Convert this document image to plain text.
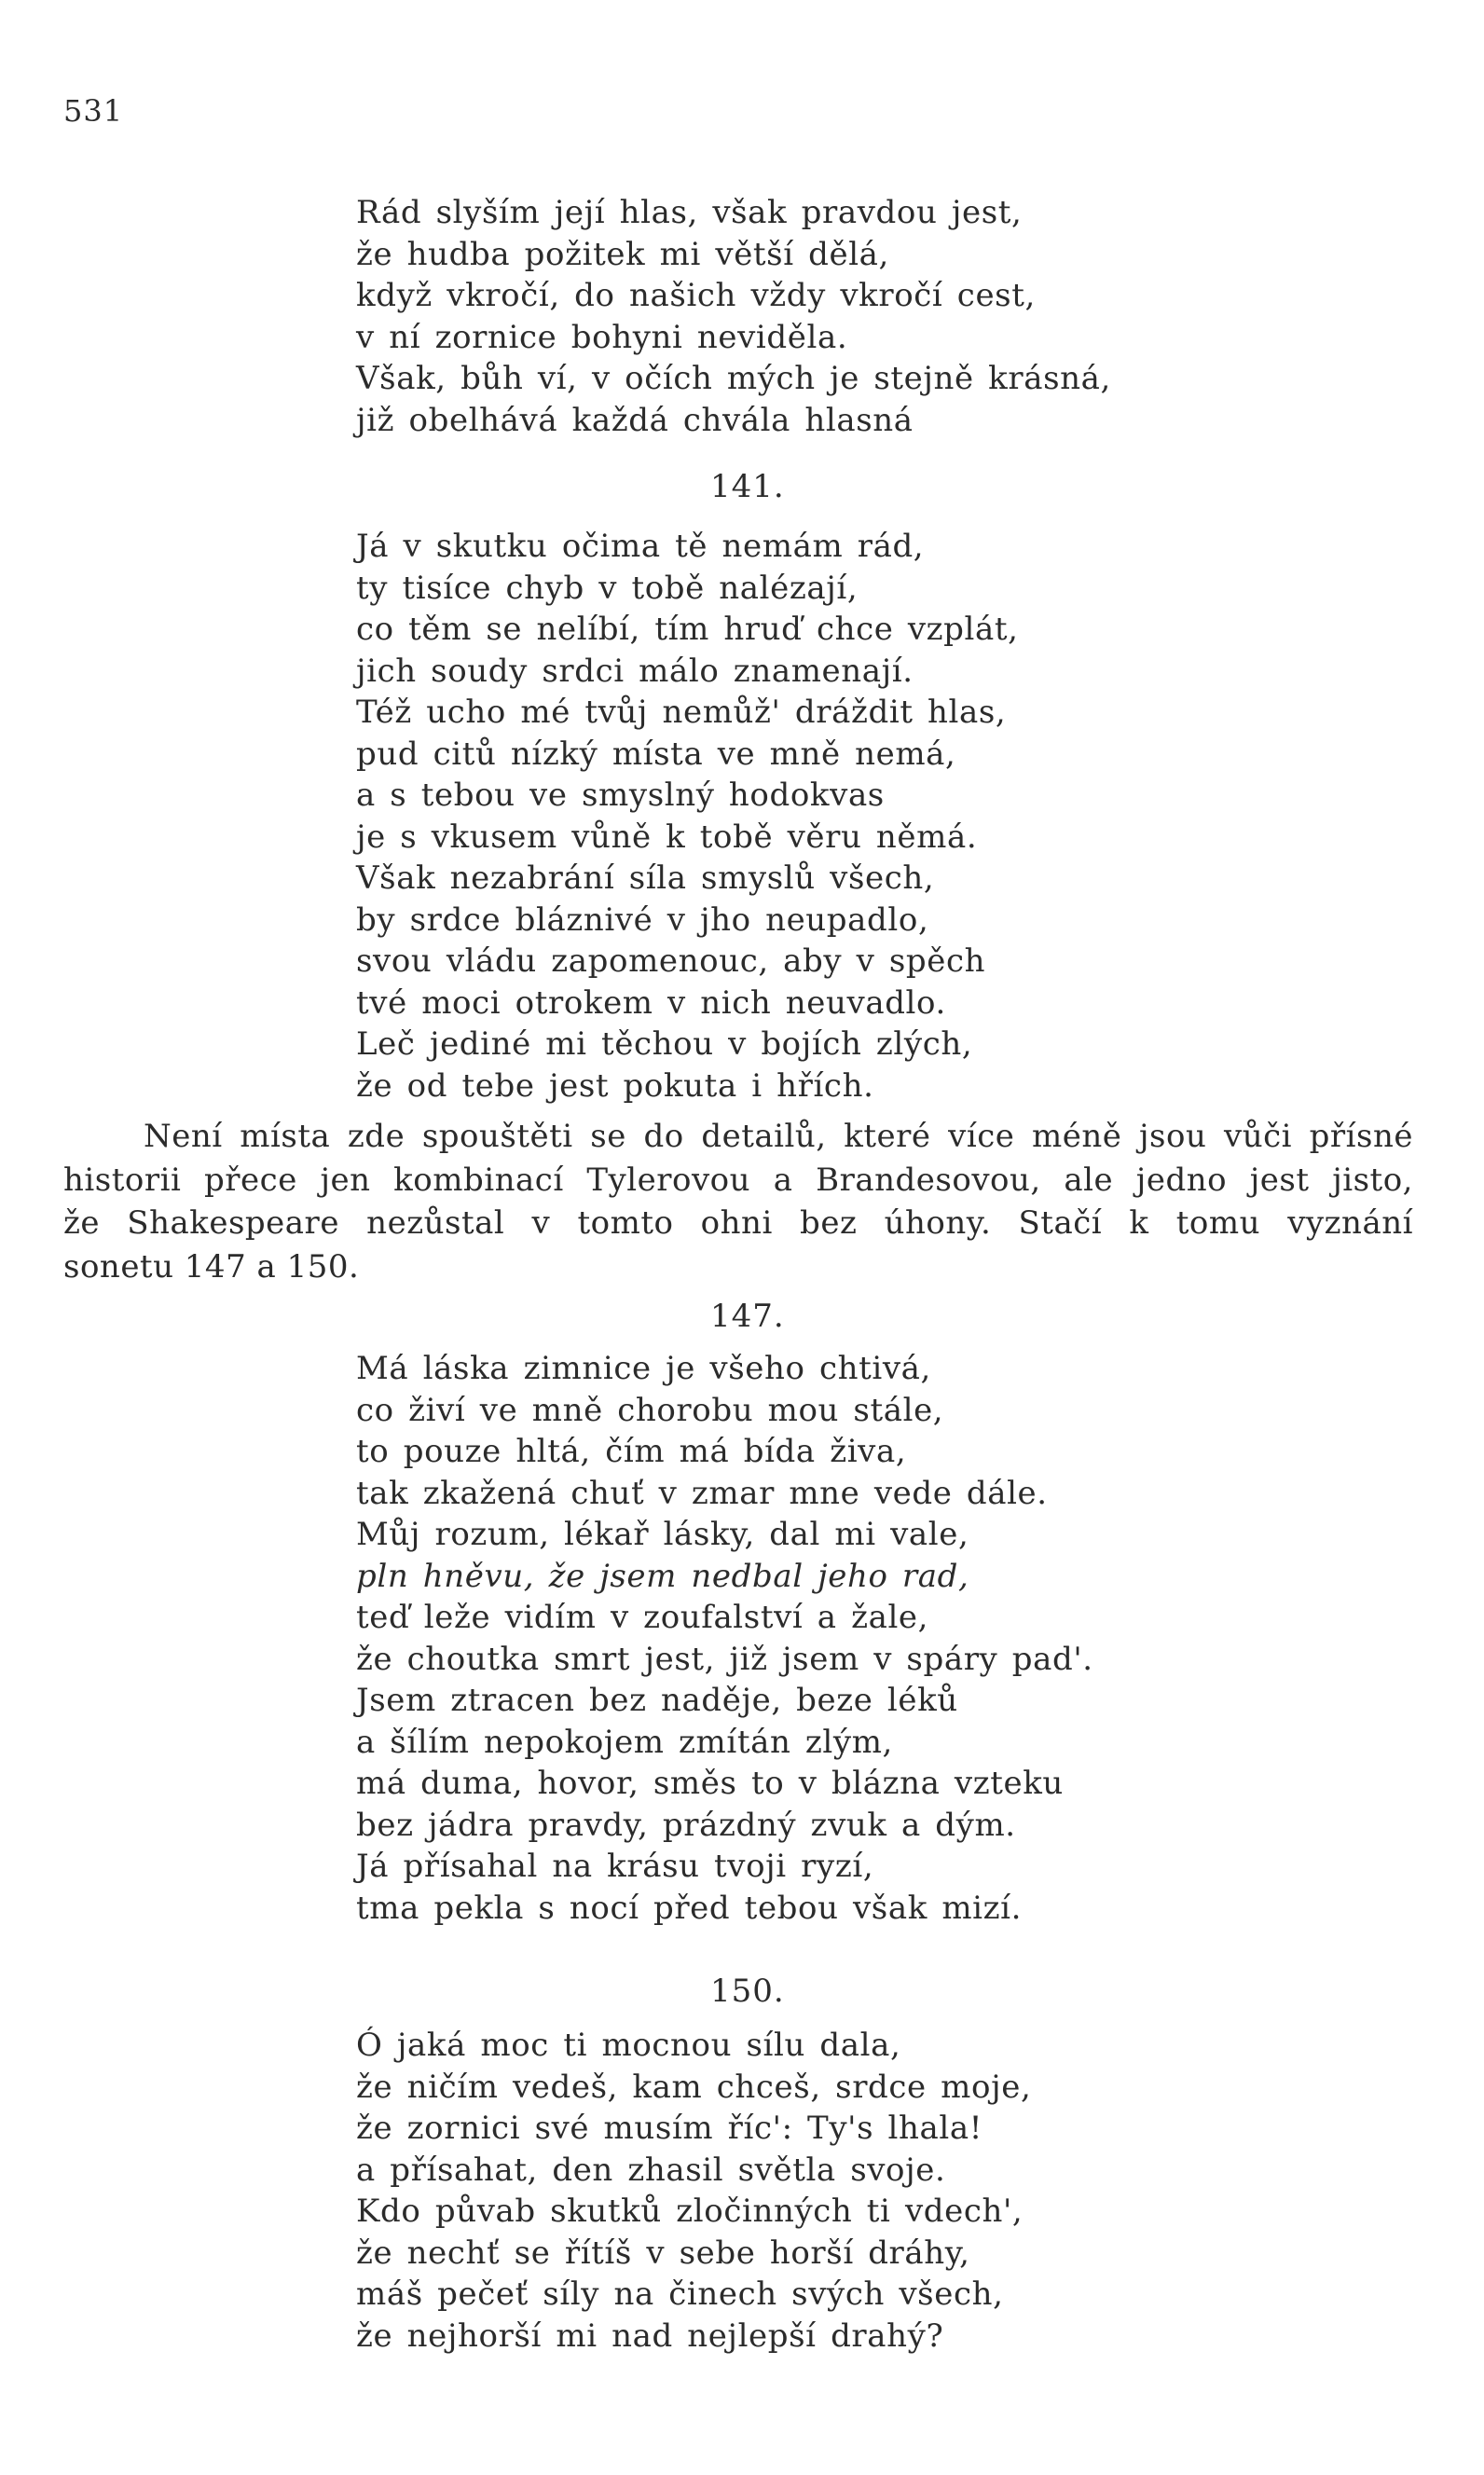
531
Rád slyším její hlas, však pravdou jest,
že hudba požitek mi větší dělá,
když vkročí, do našich vždy vkročí cest,
v ní zornice bohyni neviděla.
Však, bůh ví, v očích mých je stejně krásná,
již obelhává každá chvála hlasná
141.
Já v skutku očima tě nemám rád,
ty tisíce chyb v tobě nalézají,
co těm se nelíbí, tím hruď chce vzplát,
jich soudy srdci málo znamenají.
Též ucho mé tvůj nemůž' dráždit hlas,
pud citů nízký místa ve mně nemá,
a s tebou ve smyslný hodokvas
je s vkusem vůně k tobě věru němá.
Však nezabrání síla smyslů všech,
by srdce bláznivé v jho neupadlo,
svou vládu zapomenouc, aby v spěch
tvé moci otrokem v nich neuvadlo.
Leč jediné mi těchou v bojích zlých,
že od tebe jest pokuta i hřích.
Není místa zde spouštěti se do detailů, které více méně jsou vůči přísné
historii přece jen kombinací Tylerovou a Brandesovou, ale jedno jest jisto,
že Shakespeare nezůstal v tomto ohni bez úhony. Stačí k tomu vyznání
sonetu 147 a 150.
147.
Má láska zimnice je všeho chtivá,
co živí ve mně chorobu mou stále,
to pouze hltá, čím má bída živa,
tak zkažená chuť v zmar mne vede dále.
Můj rozum, lékař lásky, dal mi vale,
pln hněvu, že jsem nedbal jeho rad,
teď leže vidím v zoufalství a žale,
že choutka smrt jest, již jsem v spáry pad'.
Jsem ztracen bez naděje, beze léků
a šílím nepokojem zmítán zlým,
má duma, hovor, směs to v blázna vzteku
bez jádra pravdy, prázdný zvuk a dým.
Já přísahal na krásu tvoji ryzí,
tma pekla s nocí před tebou však mizí.
150.
Ó jaká moc ti mocnou sílu dala,
že ničím vedeš, kam chceš, srdce moje,
že zornici své musím říc': Ty's lhala!
a přísahat, den zhasil světla svoje.
Kdo půvab skutků zločinných ti vdech',
že nechť se řítíš v sebe horší dráhy,
máš pečeť síly na činech svých všech,
že nejhorší mi nad nejlepší drahý?
